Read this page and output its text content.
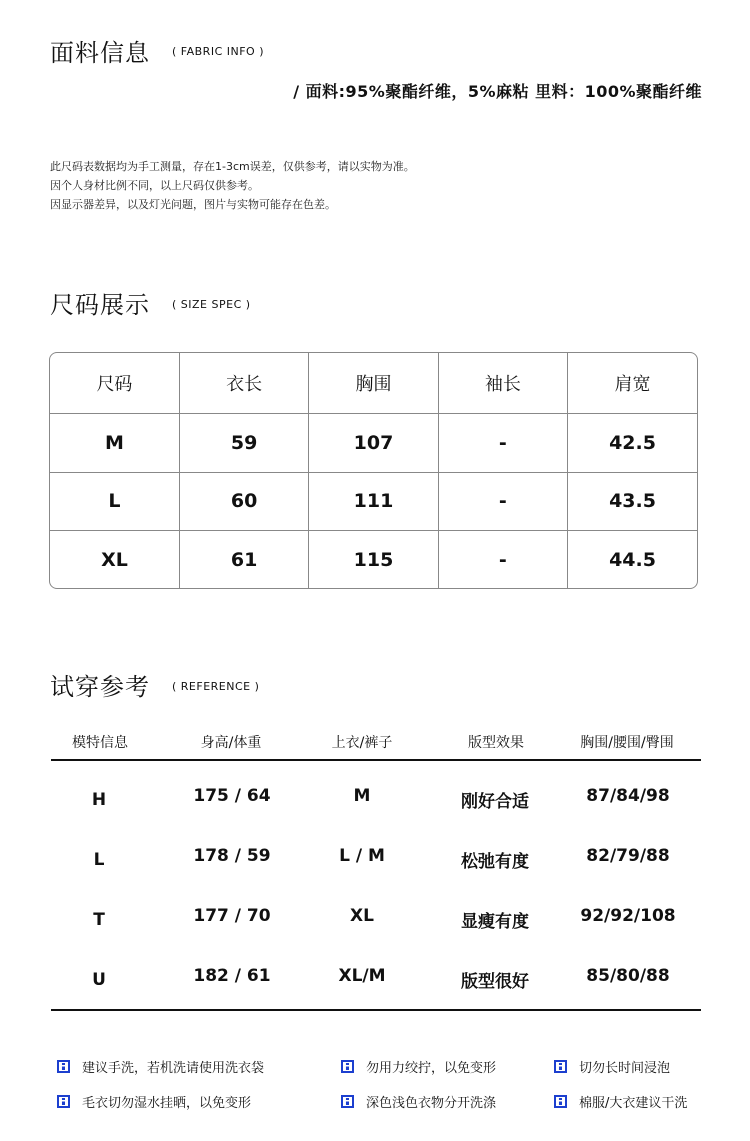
面料信息 ( FABRIC INFO )
/ 面料:95%聚酯纤维，5%麻粘 里料：100%聚酯纤维
此尺码表数据均为手工测量，存在1-3cm误差，仅供参考，请以实物为准。
因个人身材比例不同，以上尺码仅供参考。
因显示器差异，以及灯光问题，图片与实物可能存在色差。
尺码展示 ( SIZE SPEC )
尺码	衣长	胸围	袖长	肩宽
M	59	107	-	42.5
L	60	111	-	43.5
XL	61	115	-	44.5
试穿参考 ( REFERENCE )
模特信息	身高/体重	上衣/裤子	版型效果	胸围/腰围/臀围
H	175 / 64	M	刚好合适	87/84/98
L	178 / 59	L / M	松弛有度	82/79/88
T	177 / 70	XL	显瘦有度	92/92/108
U	182 / 61	XL/M	版型很好	85/80/88
H 建议手洗，若机洗请使用洗衣袋	H 勿用力绞拧，以免变形	H 切勿长时间浸泡
H 毛衣切勿湿水挂晒，以免变形	H 深色浅色衣物分开洗涤	H 棉服/大衣建议干洗
